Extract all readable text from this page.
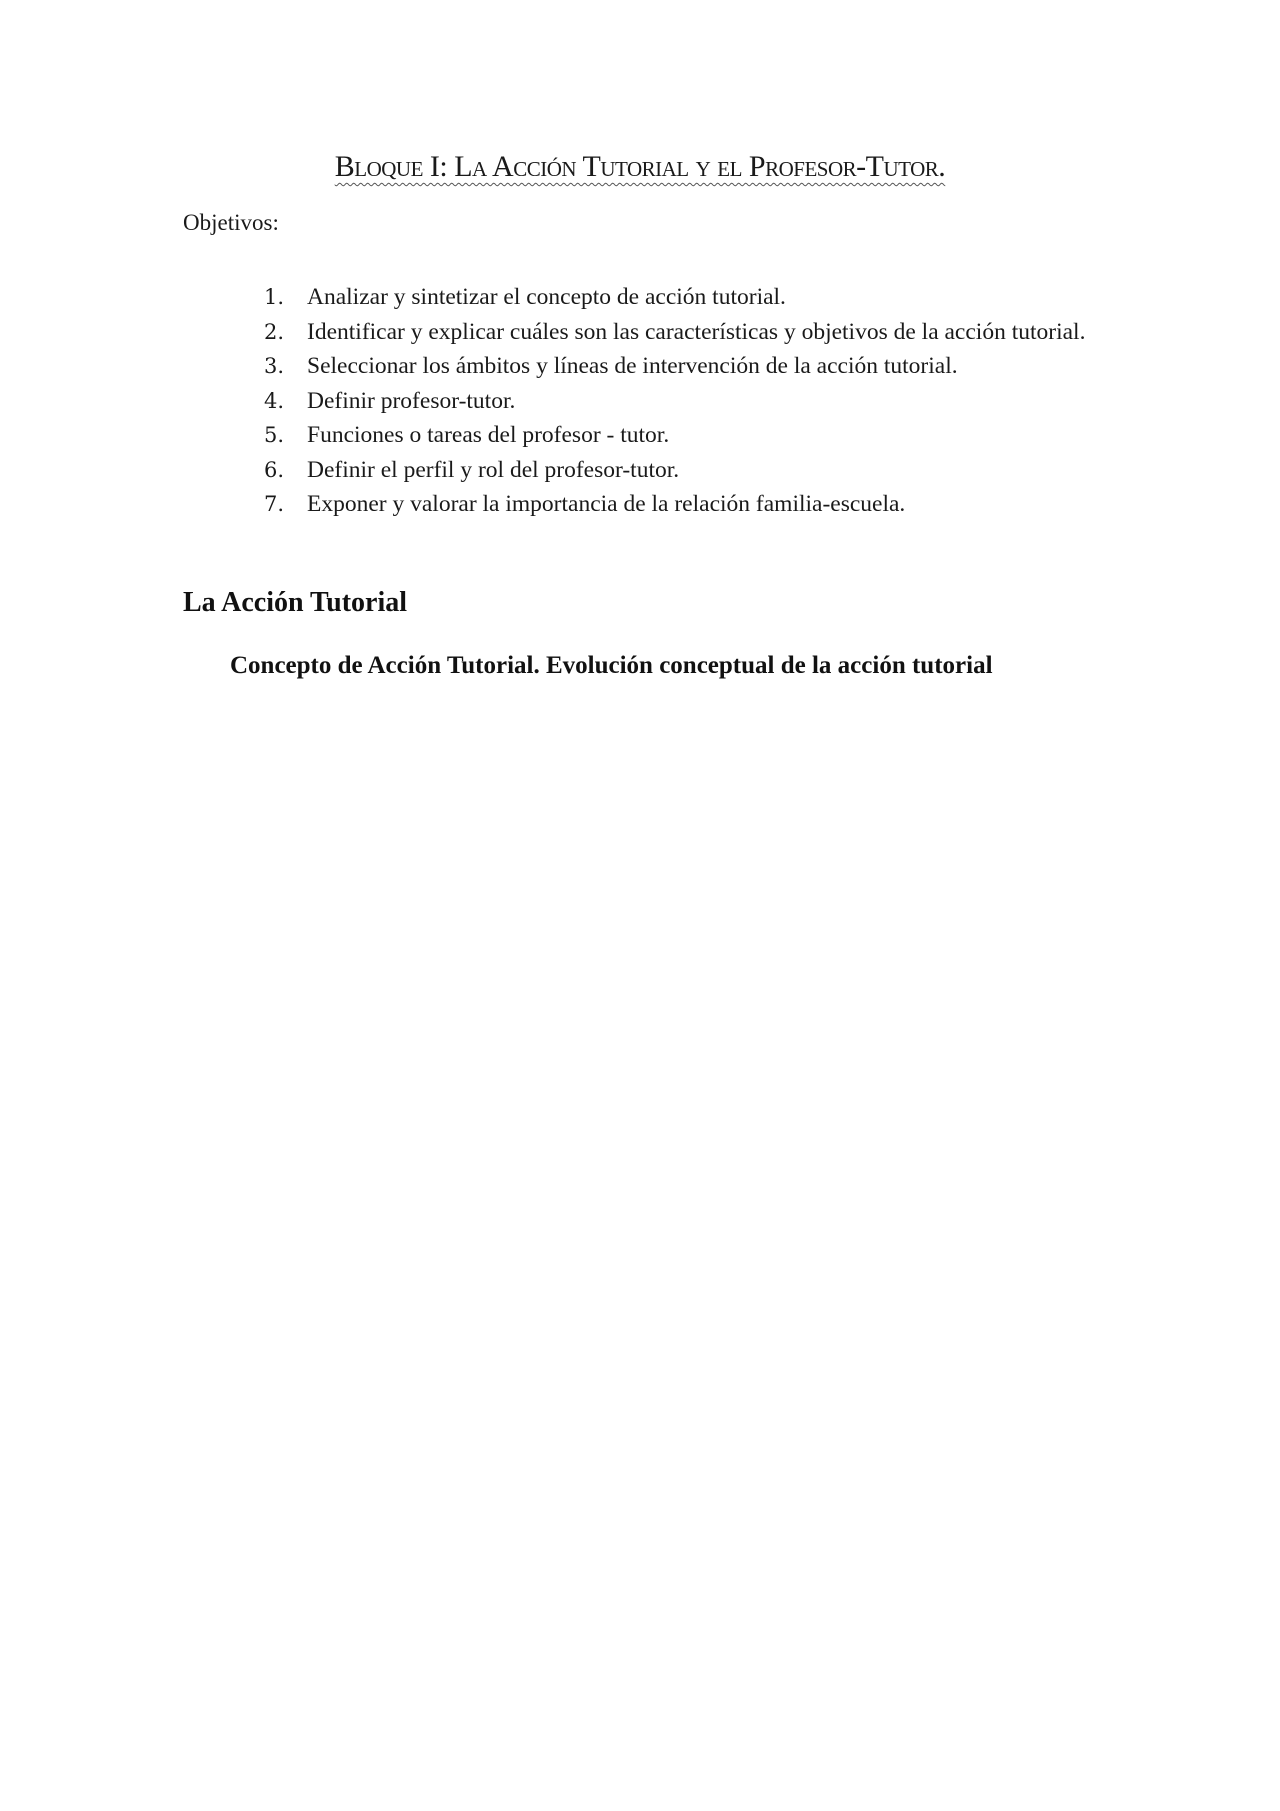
Bloque I: La Acción Tutorial y el Profesor-Tutor.
Objetivos:
1. Analizar y sintetizar el concepto de acción tutorial.
2. Identificar y explicar cuáles son las características y objetivos de la acción tutorial.
3. Seleccionar los ámbitos y líneas de intervención de la acción tutorial.
4. Definir profesor-tutor.
5. Funciones o tareas del profesor - tutor.
6. Definir el perfil y rol del profesor-tutor.
7. Exponer y valorar la importancia de la relación familia-escuela.
La Acción Tutorial
Concepto de Acción Tutorial. Evolución conceptual de la acción tutorial
